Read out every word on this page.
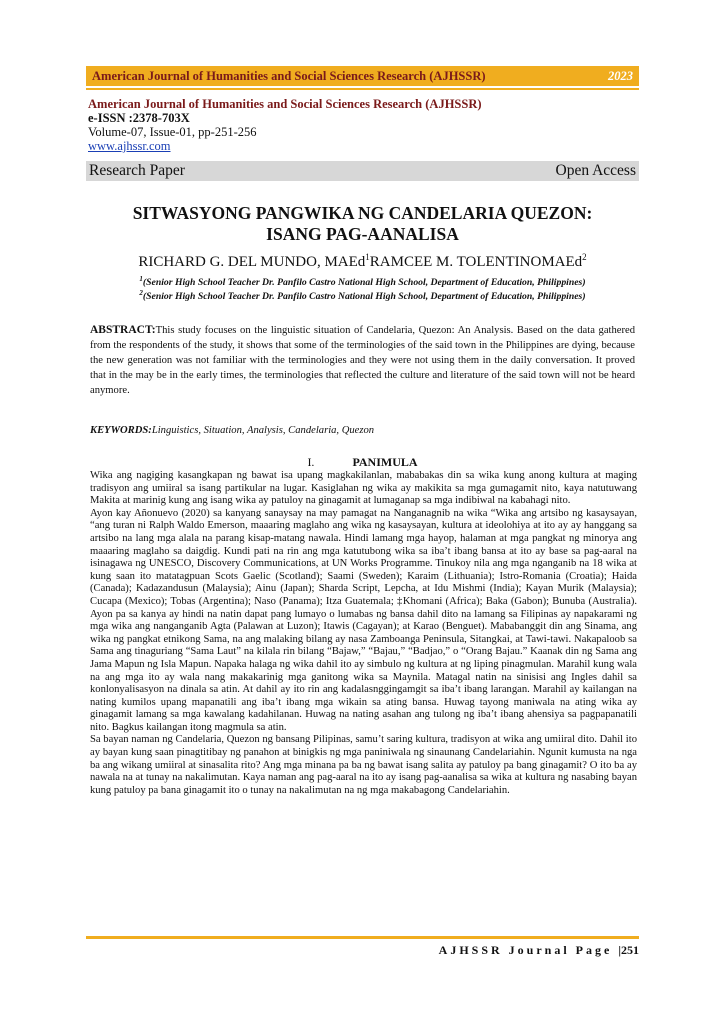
American Journal of Humanities and Social Sciences Research (AJHSSR)	2023
American Journal of Humanities and Social Sciences Research (AJHSSR)
e-ISSN :2378-703X
Volume-07, Issue-01, pp-251-256
www.ajhssr.com
Research Paper	Open Access
SITWASYONG PANGWIKA NG CANDELARIA QUEZON:
ISANG PAG-AANALISA
RICHARD G. DEL MUNDO, MAEd$^1$RAMCEE M. TOLENTINOMAEd$^2$
$^1$(Senior High School Teacher Dr. Panfilo Castro National High School, Department of Education, Philippines)
$^2$(Senior High School Teacher Dr. Panfilo Castro National High School, Department of Education, Philippines)
ABSTRACT:This study focuses on the linguistic situation of Candelaria, Quezon: An Analysis. Based on the data gathered from the respondents of the study, it shows that some of the terminologies of the said town in the Philippines are dying, because the new generation was not familiar with the terminologies and they were not using them in the daily conversation. It proved that in the may be in the early times, the terminologies that reflected the culture and literature of the said town will not be heard anymore.
KEYWORDS:Linguistics, Situation, Analysis, Candelaria, Quezon
I.	PANIMULA

Wika ang nagiging kasangkapan ng bawat isa upang magkakilanlan, mababakas din sa wika kung anong kultura at maging tradisyon ang umiiral sa isang partikular na lugar. Kasiglahan ng wika ay makikita sa mga gumagamit nito, kaya natutuwang Makita at marinig kung ang isang wika ay patuloy na ginagamit at lumaganap sa mga indibiwal na kabahagi nito.

Ayon kay Añonuevo (2020) sa kanyang sanaysay na may pamagat na Nanganagnib na wika “Wika ang artsibo ng kasaysayan, “ang turan ni Ralph Waldo Emerson, maaaring maglaho ang wika ng kasaysayan, kultura at ideolohiya at ito ay ay hanggang sa artsibo na lang mga alala na parang kisap-matang nawala. Hindi lamang mga hayop, halaman at mga pangkat ng minorya ang maaaring maglaho sa daigdig. Kundi pati na rin ang mga katutubong wika sa iba’t ibang bansa at ito ay base sa pag-aaral na isinagawa ng UNESCO, Discovery Communications, at UN Works Programme. Tinukoy nila ang mga nganganib na 18 wika at kung saan ito matatagpuan Scots Gaelic (Scotland); Saami (Sweden); Karaim (Lithuania); Istro-Romania (Croatia); Haida (Canada); Kadazandusun (Malaysia); Ainu (Japan); Sharda Script, Lepcha, at Idu Mishmi (India); Kayan Murik (Malaysia); Cucapa (Mexico); Tobas (Argentina); Naso (Panama); Itza Guatemala; ‡Khomani (Africa); Baka (Gabon); Bunuba (Australia). Ayon pa sa kanya ay hindi na natin dapat pang lumayo o lumabas ng bansa dahil dito na lamang sa Filipinas ay napakarami ng mga wika ang nanganganib Agta (Palawan at Luzon); Itawis (Cagayan); at Karao (Benguet). Mababanggit din ang Sinama, ang wika ng pangkat etnikong Sama, na ang malaking bilang ay nasa Zamboanga Peninsula, Sitangkai, at Tawi-tawi. Nakapaloob sa Sama ang tinaguriang “Sama Laut” na kilala rin bilang “Bajaw,” “Bajau,” “Badjao,” o “Orang Bajau.” Kaanak din ng Sama ang Jama Mapun ng Isla Mapun. Napaka halaga ng wika dahil ito ay simbulo ng kultura at ng liping pinagmulan. Marahil kung wala na ang mga ito ay wala nang makakarinig mga ganitong wika sa Maynila. Matagal natin na sinisisi ang Ingles dahil sa konlonyalisasyon na dinala sa atin. At dahil ay ito rin ang kadalasnggingamgit sa iba’t ibang larangan. Marahil ay kailangan na nating kumilos upang mapanatili ang iba’t ibang mga wikain sa ating bansa. Huwag tayong maniwala na ating wika ay ginagamit lamang sa mga kawalang kadahilanan. Huwag na nating asahan ang tulong ng iba’t ibang ahensiya sa pagpapanatili nito. Bagkus kailangan itong magmula sa atin.

Sa bayan naman ng Candelaria, Quezon ng bansang Pilipinas, samu’t saring kultura, tradisyon at wika ang umiiral dito. Dahil ito ay bayan kung saan pinagtitibay ng panahon at binigkis ng mga paniniwala ng sinaunang Candelariahin. Ngunit kumusta na nga ba ang wikang umiiral at sinasalita rito? Ang mga minana pa ba ng bawat isang salita ay patuloy pa bang ginagamit? O ito ba ay nawala na at tunay na nakalimutan. Kaya naman ang pag-aaral na ito ay isang pag-aanalisa sa wika at kultura ng nasabing bayan kung patuloy pa bana ginagamit ito o tunay na nakalimutan na ng mga makabagong Candelariahin.

AJHSSR Journal Page |251
